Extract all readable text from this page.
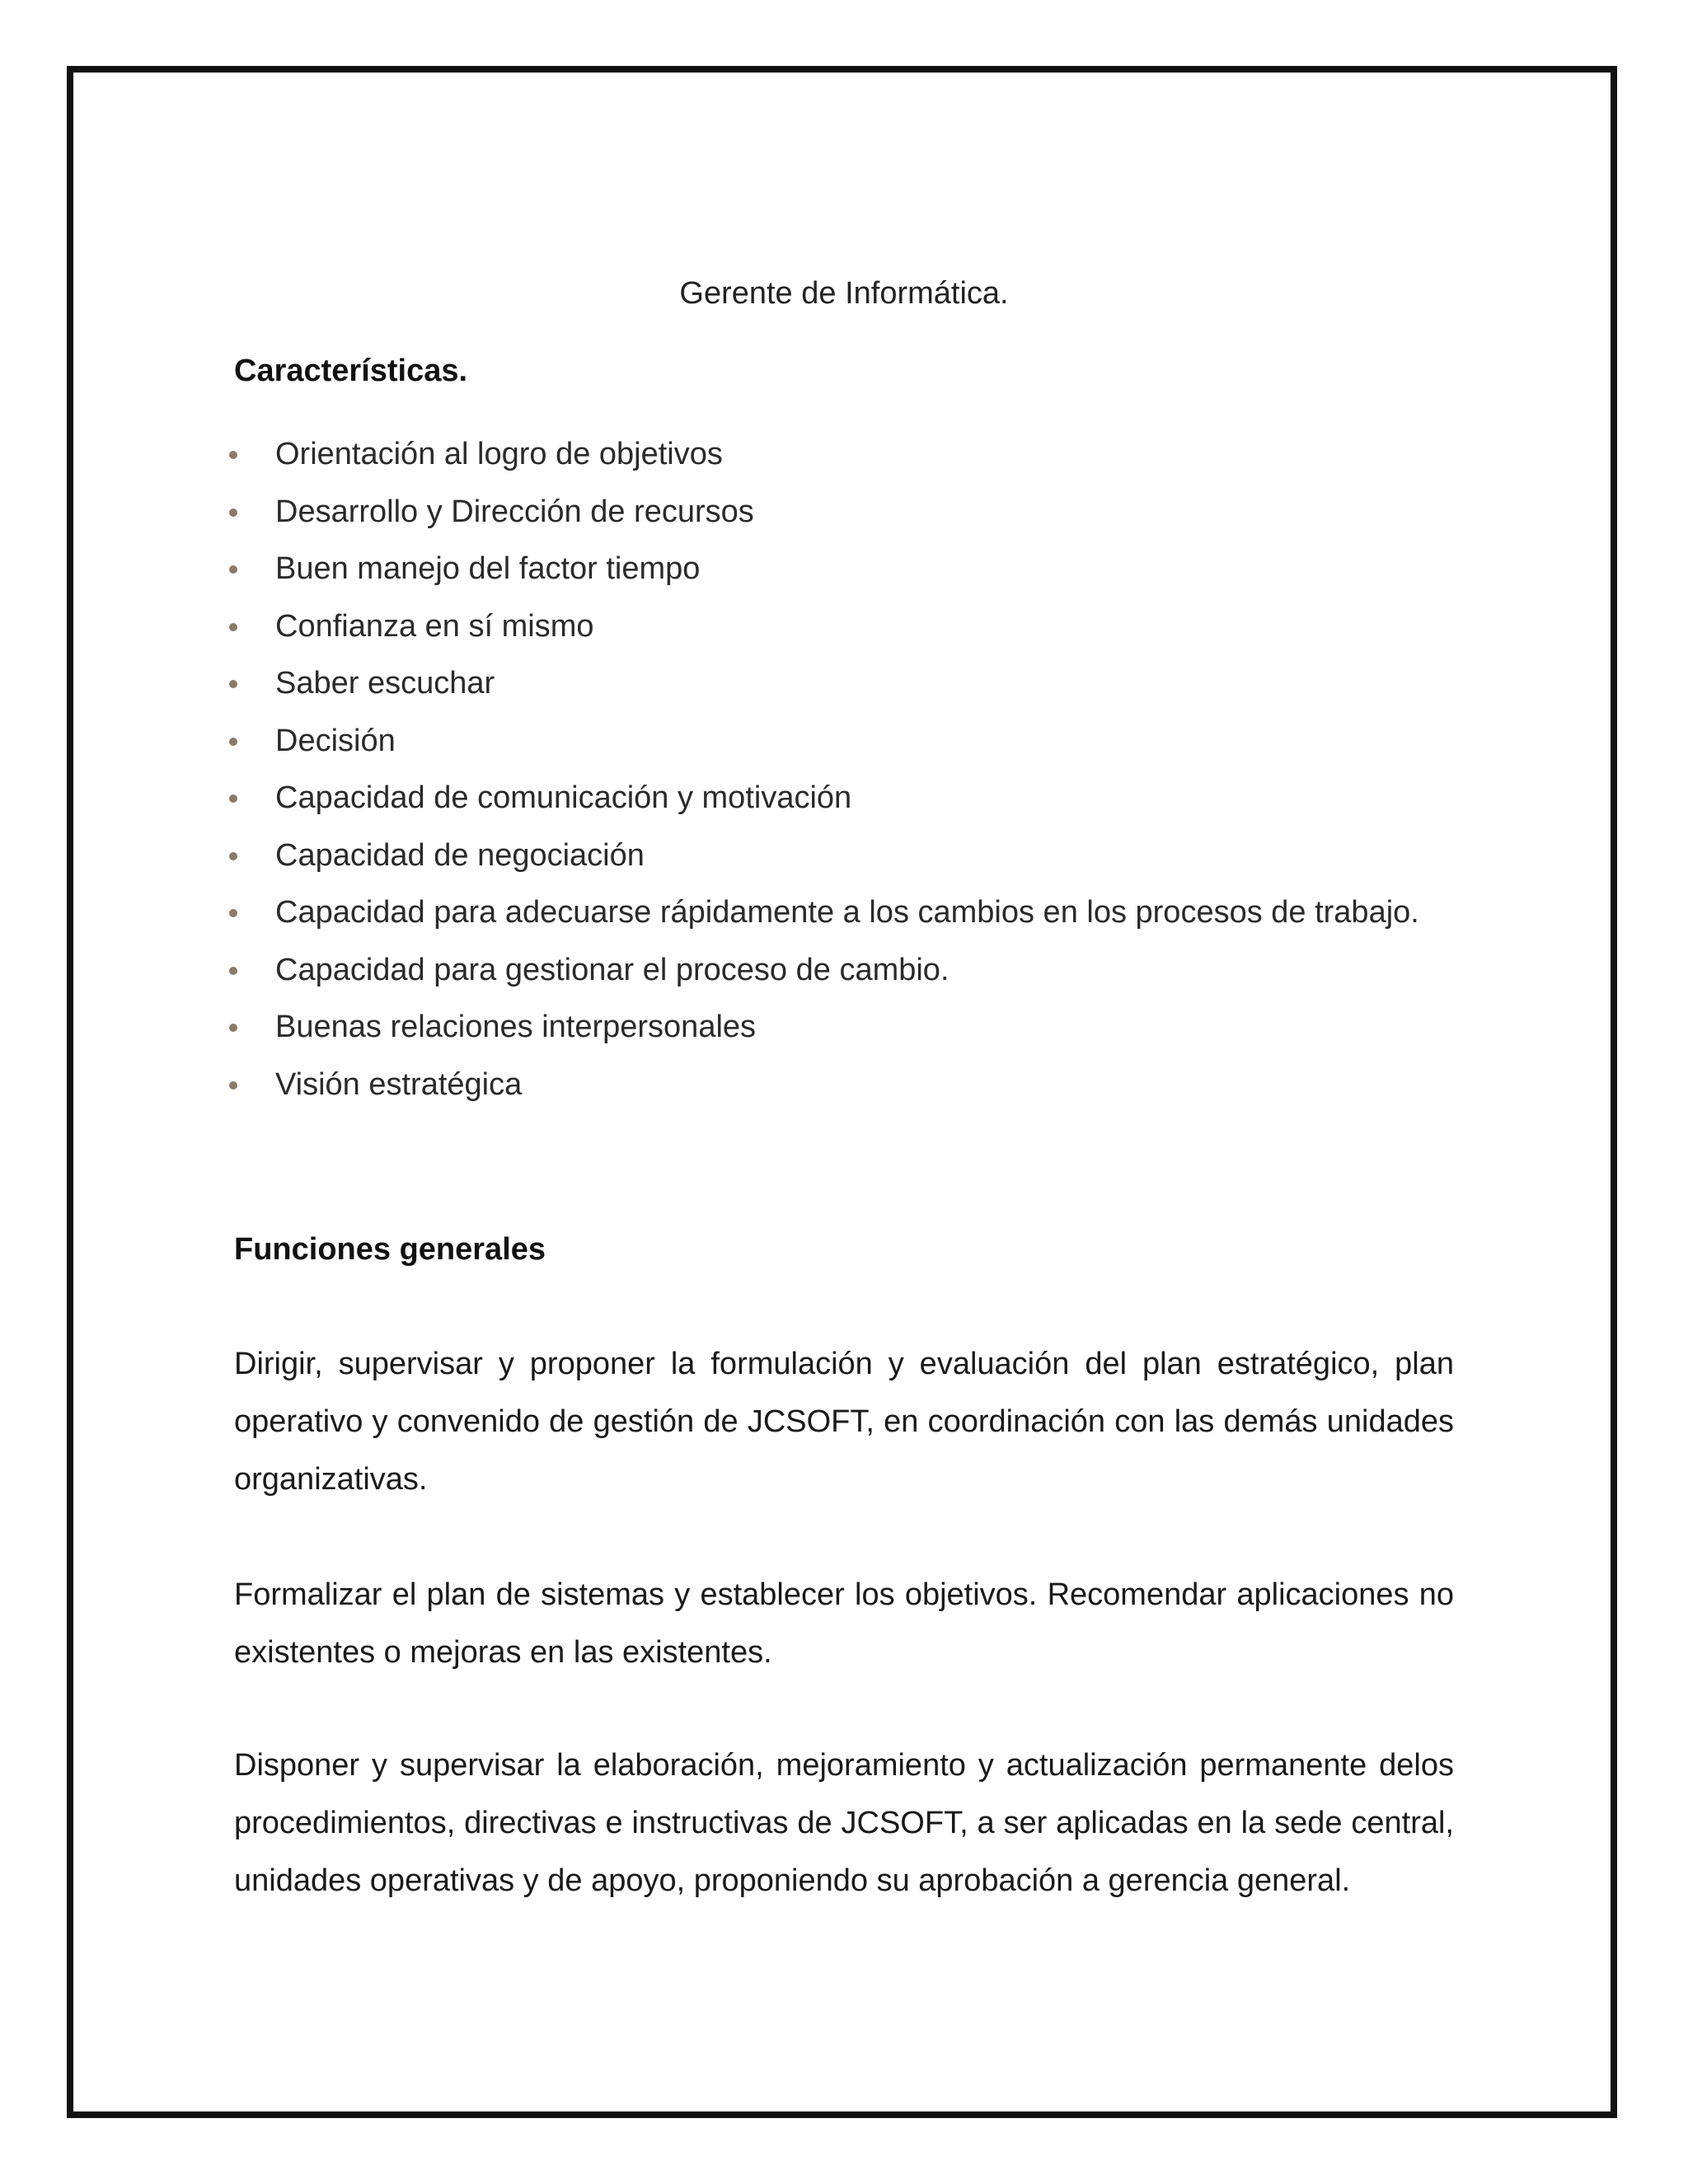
Gerente de Informática.
Características.
Orientación al logro de objetivos
Desarrollo y Dirección de recursos
Buen manejo del factor tiempo
Confianza en sí mismo
Saber escuchar
Decisión
Capacidad de comunicación y motivación
Capacidad de negociación
Capacidad para adecuarse rápidamente a los cambios en los procesos de trabajo.
Capacidad para gestionar el proceso de cambio.
Buenas relaciones interpersonales
Visión estratégica
Funciones generales

Dirigir, supervisar y proponer la formulación y evaluación del plan estratégico, plan operativo y convenido de gestión de JCSOFT, en coordinación con las demás unidades organizativas.

Formalizar el plan de sistemas y establecer los objetivos. Recomendar aplicaciones no existentes o mejoras en las existentes.

Disponer y supervisar la elaboración, mejoramiento y actualización permanente delos procedimientos, directivas e instructivas de JCSOFT, a ser aplicadas en la sede central, unidades operativas y de apoyo, proponiendo su aprobación a gerencia general.
